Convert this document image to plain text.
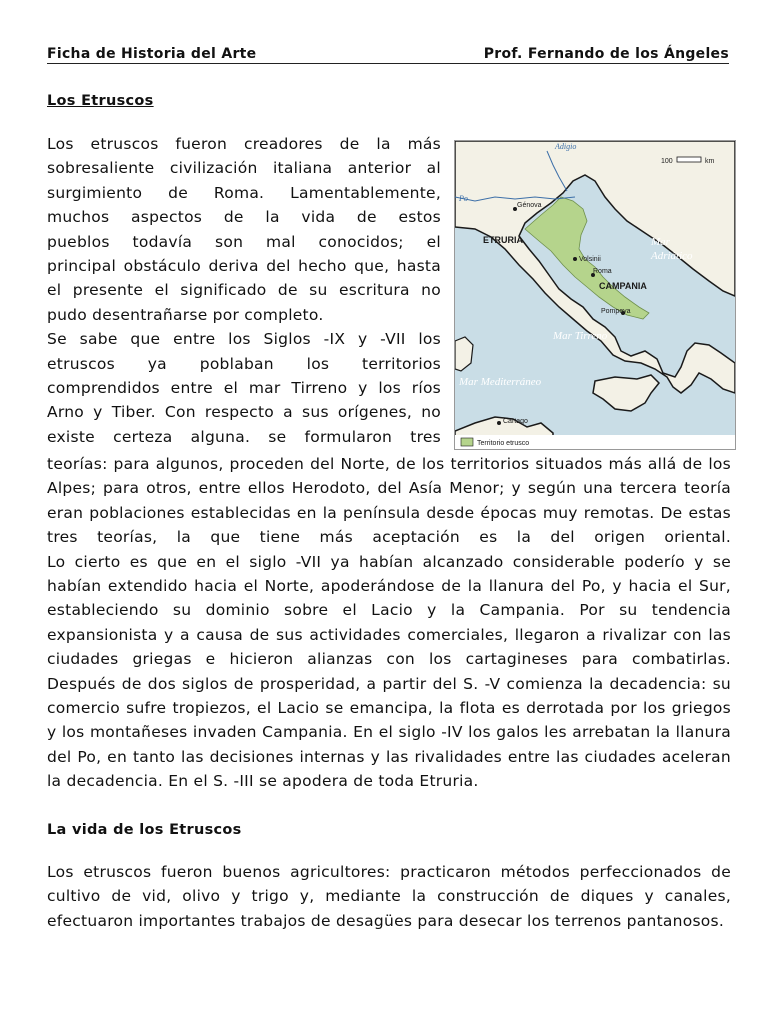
Ficha de Historia del Arte	Prof. Fernando de los Ángeles
Los Etruscos

Los etruscos fueron creadores de la más
sobresaliente civilización italiana anterior al
surgimiento de Roma. Lamentablemente,
muchos aspectos de la vida de estos
pueblos todavía son mal conocidos; el
principal obstáculo deriva del hecho que, hasta
el presente el significado de su escritura no
pudo desentrañarse por completo.
Se sabe que entre los Siglos -IX y -VII los
etruscos ya poblaban los territorios
comprendidos entre el mar Tirreno y los ríos
Arno y Tiber. Con respecto a sus orígenes, no
existe certeza alguna. se formularon tres

Adigio
Po
Génova
ETRURIA
Volsinii
Roma
CAMPANIA
Pompeya
Mar
Adriático
Mar Tirreno
Mar Mediterráneo
Cartago
100	km
Territorio etrusco

teorías: para algunos, proceden del Norte, de los territorios situados más allá de los
Alpes; para otros, entre ellos Herodoto, del Asía Menor; y según una tercera teoría
eran poblaciones establecidas en la península desde épocas muy remotas. De estas
tres teorías, la que tiene más aceptación es la del origen oriental.
Lo cierto es que en el siglo -VII ya habían alcanzado considerable poderío y se
habían extendido hacia el Norte, apoderándose de la llanura del Po, y hacia el Sur,
estableciendo su dominio sobre el Lacio y la Campania. Por su tendencia
expansionista y a causa de sus actividades comerciales, llegaron a rivalizar con las
ciudades griegas e hicieron alianzas con los cartagineses para combatirlas.
Después de dos siglos de prosperidad, a partir del S. -V comienza la decadencia: su
comercio sufre tropiezos, el Lacio se emancipa, la flota es derrotada por los griegos
y los montañeses invaden Campania. En el siglo -IV los galos les arrebatan la llanura
del Po, en tanto las decisiones internas y las rivalidades entre las ciudades aceleran
la decadencia. En el S. -III se apodera de toda Etruria.

La vida de los Etruscos

Los etruscos fueron buenos agricultores: practicaron métodos perfeccionados de
cultivo de vid, olivo y trigo y, mediante la construcción de diques y canales,
efectuaron importantes trabajos de desagües para desecar los terrenos pantanosos.
